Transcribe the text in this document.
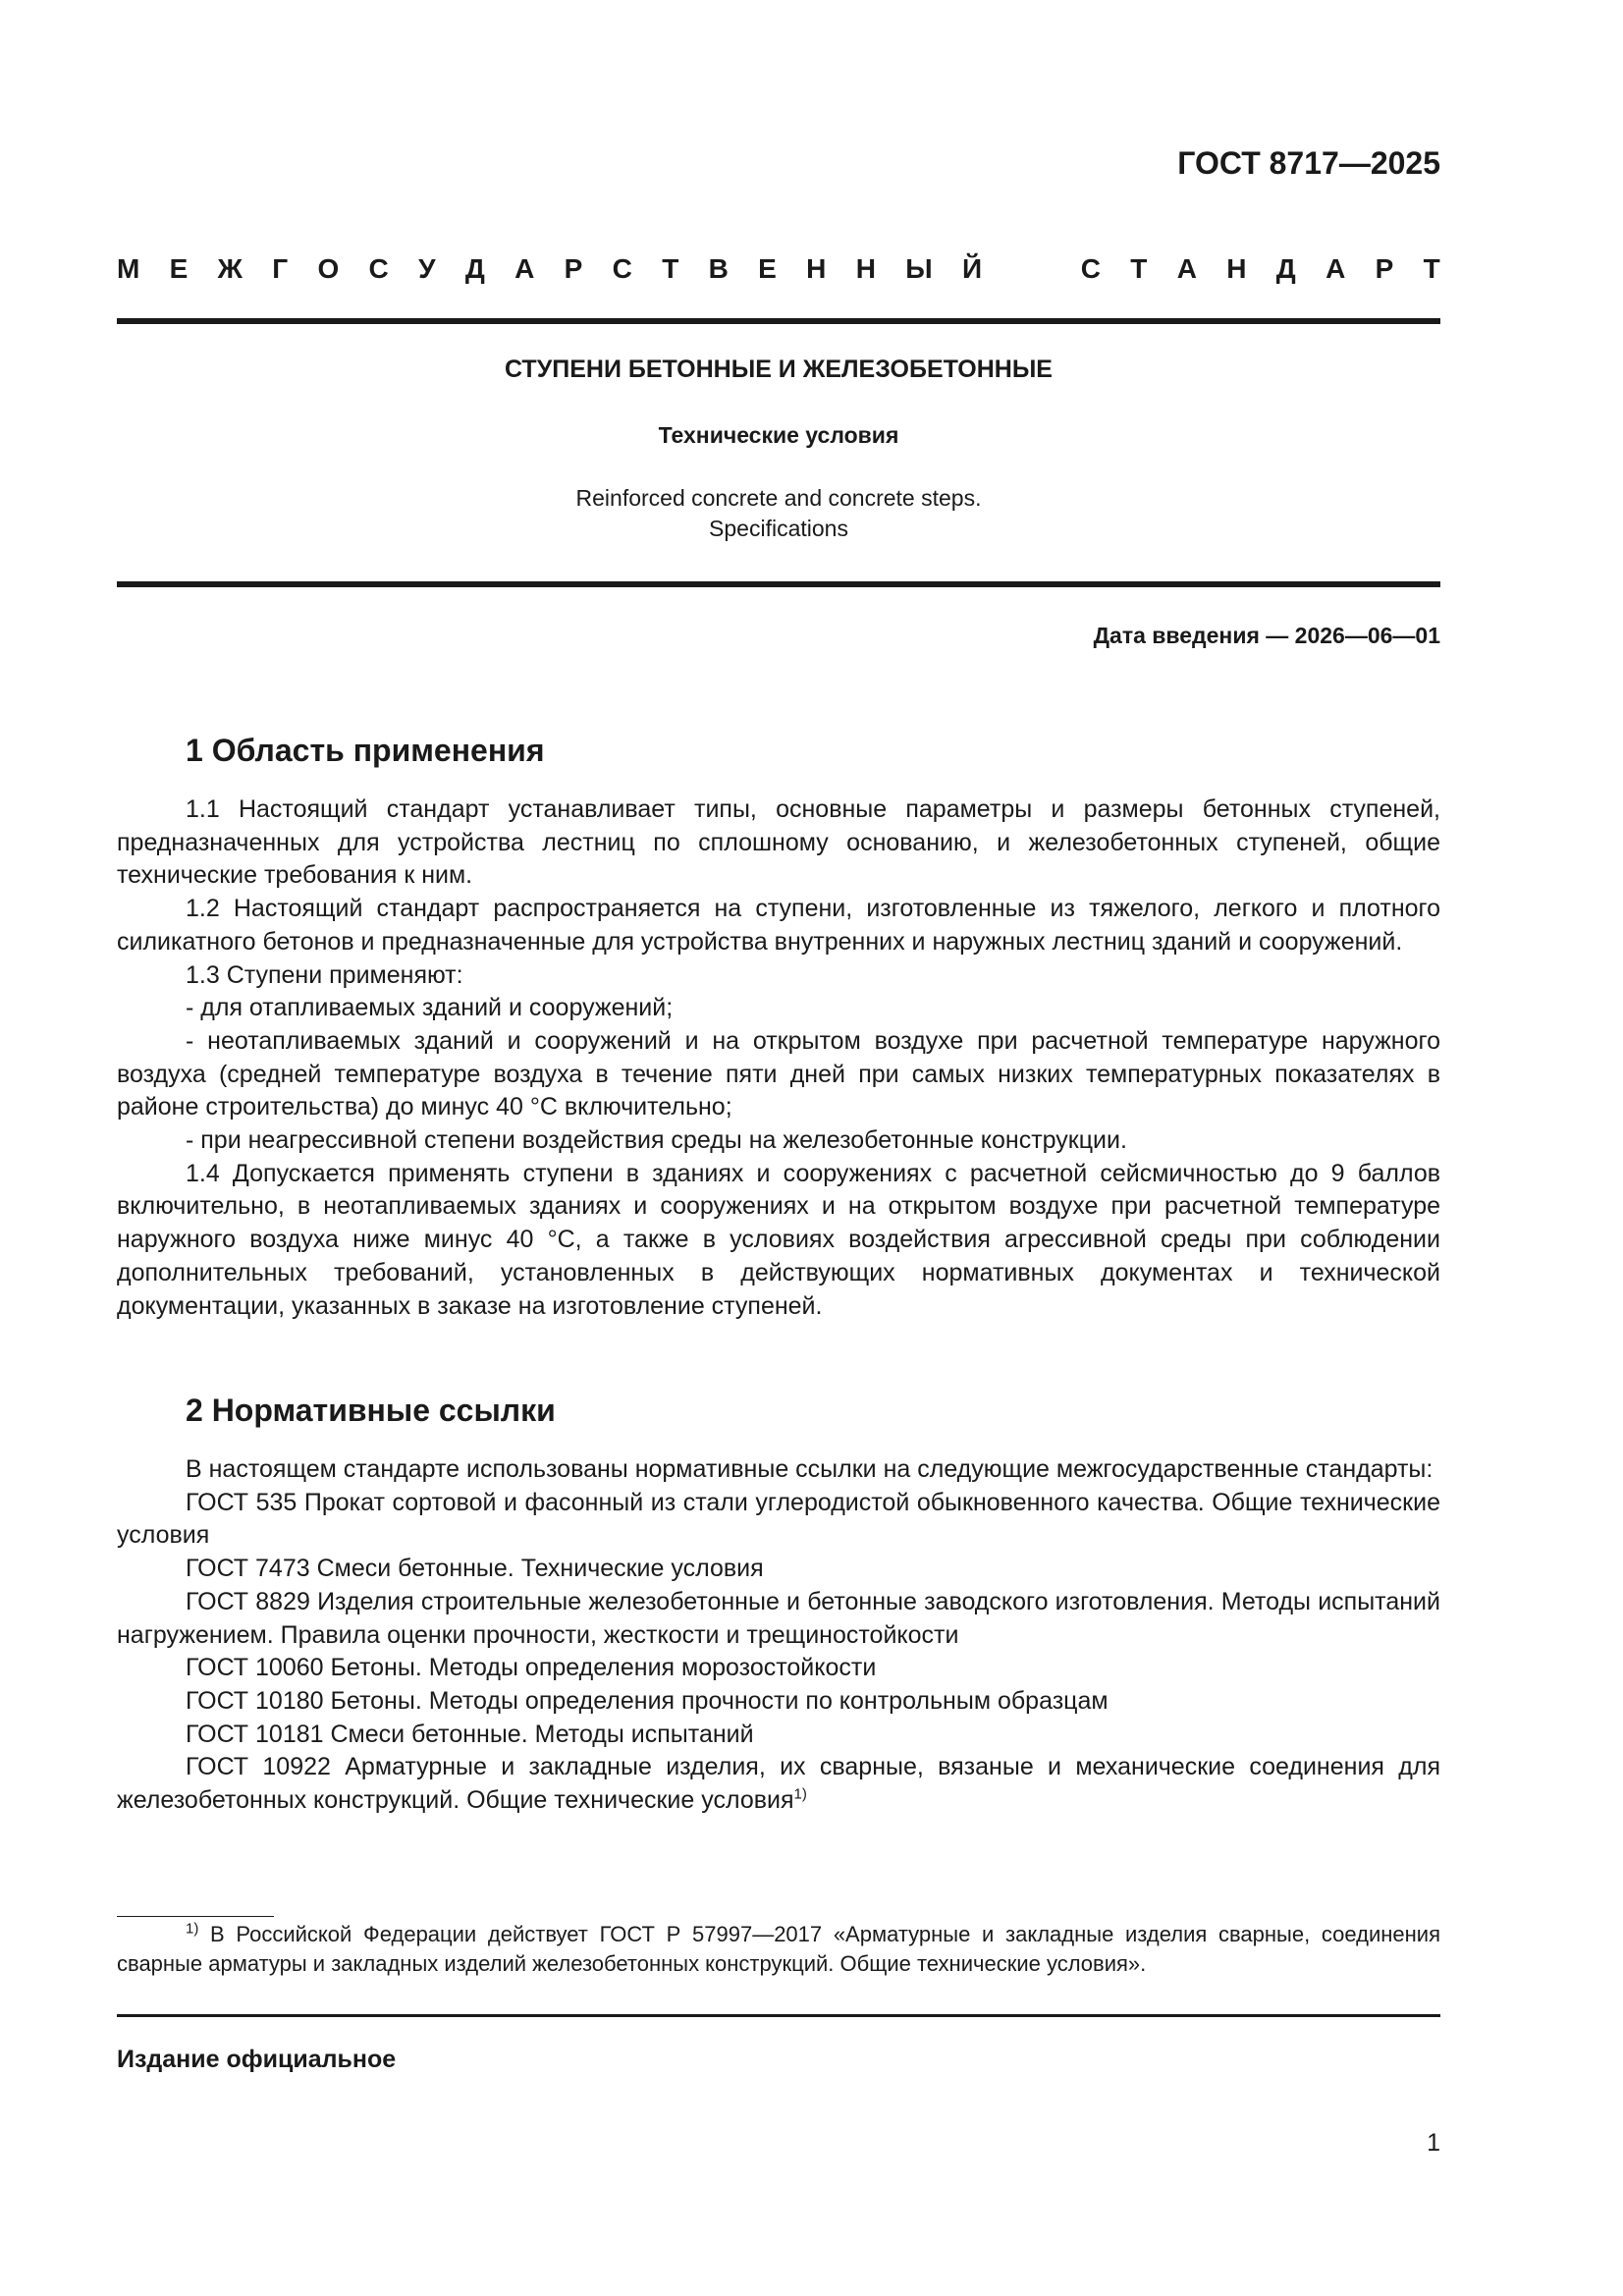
ГОСТ 8717—2025
М Е Ж Г О С У Д А Р С Т В Е Н Н Ы Й	С Т А Н Д А Р Т
СТУПЕНИ БЕТОННЫЕ И ЖЕЛЕЗОБЕТОННЫЕ
Технические условия
Reinforced concrete and concrete steps.
Specifications
Дата введения — 2026—06—01
1 Область применения

1.1 Настоящий стандарт устанавливает типы, основные параметры и размеры бетонных ступеней, предназначенных для устройства лестниц по сплошному основанию, и железобетонных ступеней, общие технические требования к ним.

1.2 Настоящий стандарт распространяется на ступени, изготовленные из тяжелого, легкого и плотного силикатного бетонов и предназначенные для устройства внутренних и наружных лестниц зданий и сооружений.

1.3 Ступени применяют:

- для отапливаемых зданий и сооружений;

- неотапливаемых зданий и сооружений и на открытом воздухе при расчетной температуре наружного воздуха (средней температуре воздуха в течение пяти дней при самых низких температурных показателях в районе строительства) до минус 40 °С включительно;

- при неагрессивной степени воздействия среды на железобетонные конструкции.

1.4 Допускается применять ступени в зданиях и сооружениях с расчетной сейсмичностью до 9 баллов включительно, в неотапливаемых зданиях и сооружениях и на открытом воздухе при расчетной температуре наружного воздуха ниже минус 40 °С, а также в условиях воздействия агрессивной среды при соблюдении дополнительных требований, установленных в действующих нормативных документах и технической документации, указанных в заказе на изготовление ступеней.

2 Нормативные ссылки

В настоящем стандарте использованы нормативные ссылки на следующие межгосударственные стандарты:

ГОСТ 535 Прокат сортовой и фасонный из стали углеродистой обыкновенного качества. Общие технические условия

ГОСТ 7473 Смеси бетонные. Технические условия

ГОСТ 8829 Изделия строительные железобетонные и бетонные заводского изготовления. Методы испытаний нагружением. Правила оценки прочности, жесткости и трещиностойкости

ГОСТ 10060 Бетоны. Методы определения морозостойкости

ГОСТ 10180 Бетоны. Методы определения прочности по контрольным образцам

ГОСТ 10181 Смеси бетонные. Методы испытаний

ГОСТ 10922 Арматурные и закладные изделия, их сварные, вязаные и механические соединения для железобетонных конструкций. Общие технические условия$^{1)}$

$^{1)}$ В Российской Федерации действует ГОСТ Р 57997—2017 «Арматурные и закладные изделия сварные, соединения сварные арматуры и закладных изделий железобетонных конструкций. Общие технические условия».

Издание официальное
1
